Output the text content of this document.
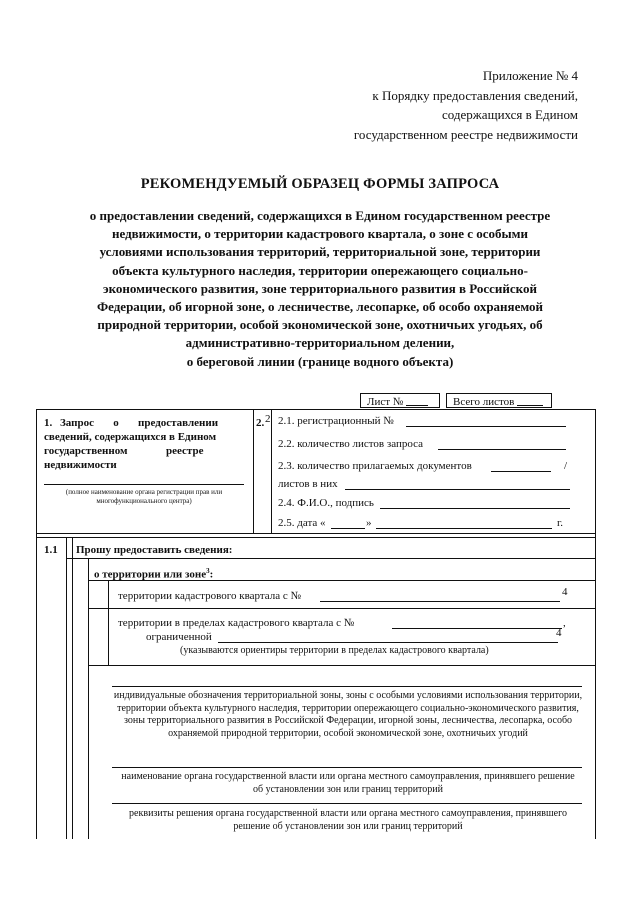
Приложение № 4
к Порядку предоставления сведений,
содержащихся в Едином
государственном реестре недвижимости
РЕКОМЕНДУЕМЫЙ ОБРАЗЕЦ ФОРМЫ ЗАПРОСА
о предоставлении сведений, содержащихся в Едином государственном реестре
недвижимости, о территории кадастрового квартала, о зоне с особыми
условиями использования территорий, территориальной зоне, территории
объекта культурного наследия, территории опережающего социально-
экономического развития, зоне территориального развития в Российской
Федерации, об игорной зоне, о лесничестве, лесопарке, об особо охраняемой
природной территории, особой экономической зоне, охотничьих угодьях, об
административно-территориальном делении,
о береговой линии (границе водного объекта)
Лист №	Всего листов
1. Запрос       о       предоставлении
сведений, содержащихся в Едином
государственном              реестре
недвижимости
(полное наименование органа регистрации прав или многофункционального центра)
2. 2 2.1. регистрационный №
2.2. количество листов запроса
2.3. количество прилагаемых документов	/
листов в них
2.4. Ф.И.О., подпись
2.5. дата «	»	г.
1.1 Прошу предоставить сведения:
о территории или зоне$^3$:
территории кадастрового квартала с №	4
территории в пределах кадастрового квартала с №	,
ограниченной	4
(указываются ориентиры территории в пределах кадастрового квартала)
индивидуальные обозначения территориальной зоны, зоны с особыми условиями использования территории, территории объекта культурного наследия, территории опережающего социально-экономического развития, зоны территориального развития в Российской Федерации, игорной зоны, лесничества, лесопарка, особо охраняемой природной территории, особой экономической зоне, охотничьих угодий
наименование органа государственной власти или органа местного самоуправления, принявшего решение об установлении зон или границ территорий
реквизиты решения органа государственной власти или органа местного самоуправления, принявшего решение об установлении зон или границ территорий
